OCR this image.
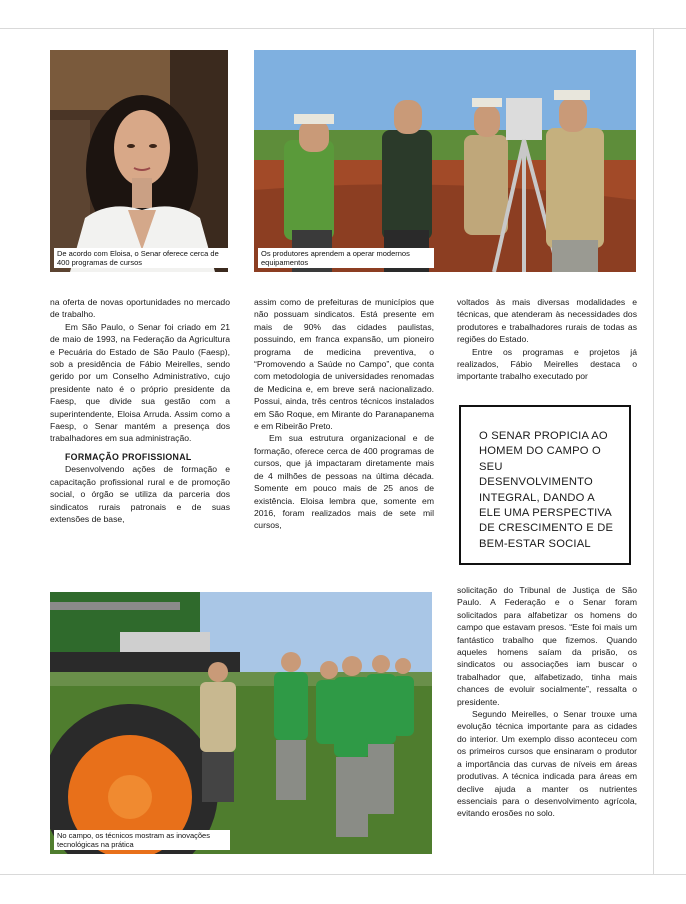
De acordo com Eloisa, o Senar oferece cerca de 400 programas de cursos
Os produtores aprendem a operar modernos equipamentos

na oferta de novas oportunidades no mercado de trabalho.

Em São Paulo, o Senar foi criado em 21 de maio de 1993, na Federação da Agricultura e Pecuária do Estado de São Paulo (Faesp), sob a presidência de Fábio Meirelles, sendo gerido por um Conselho Administrativo, cujo presidente nato é o próprio presidente da Faesp, que divide sua gestão com a superintendente, Eloisa Arruda. Assim como a Faesp, o Senar mantém a presença dos trabalhadores em sua administração.

FORMAÇÃO PROFISSIONAL

Desenvolvendo ações de formação e capacitação profissional rural e de promoção social, o órgão se utiliza da parceria dos sindicatos rurais patronais e de suas extensões de base,

assim como de prefeituras de municípios que não possuam sindicatos. Está presente em mais de 90% das cidades paulistas, possuindo, em franca expansão, um pioneiro programa de medicina preventiva, o “Promovendo a Saúde no Campo”, que conta com metodologia de universidades renomadas de Medicina e, em breve será nacionalizado. Possui, ainda, três centros técnicos instalados em São Roque, em Mirante do Paranapanema e em Ribeirão Preto.

Em sua estrutura organizacional e de formação, oferece cerca de 400 programas de cursos, que já impactaram diretamente mais de 4 milhões de pessoas na última década. Somente em pouco mais de 25 anos de existência. Eloisa lembra que, somente em 2016, foram realizados mais de sete mil cursos,

voltados às mais diversas modalidades e técnicas, que atenderam às necessidades dos produtores e trabalhadores rurais de todas as regiões do Estado.

Entre os programas e projetos já realizados, Fábio Meirelles destaca o importante trabalho executado por

O SENAR PROPICIA AO HOMEM DO CAMPO O SEU DESENVOLVIMENTO INTEGRAL, DANDO A ELE UMA PERSPECTIVA DE CRESCIMENTO E DE BEM-ESTAR SOCIAL
No campo, os técnicos mostram as inovações tecnológicas na prática

solicitação do Tribunal de Justiça de São Paulo. A Federação e o Senar foram solicitados para alfabetizar os homens do campo que estavam presos. “Este foi mais um fantástico trabalho que fizemos. Quando aqueles homens saíam da prisão, os sindicatos ou associações iam buscar o trabalhador que, alfabetizado, tinha mais chances de evoluir socialmente”, ressalta o presidente.

Segundo Meirelles, o Senar trouxe uma evolução técnica importante para as cidades do interior. Um exemplo disso aconteceu com os primeiros cursos que ensinaram o produtor a importância das curvas de níveis em áreas produtivas. A técnica indicada para áreas em declive ajuda a manter os nutrientes essenciais para o desenvolvimento agrícola, evitando erosões no solo.
